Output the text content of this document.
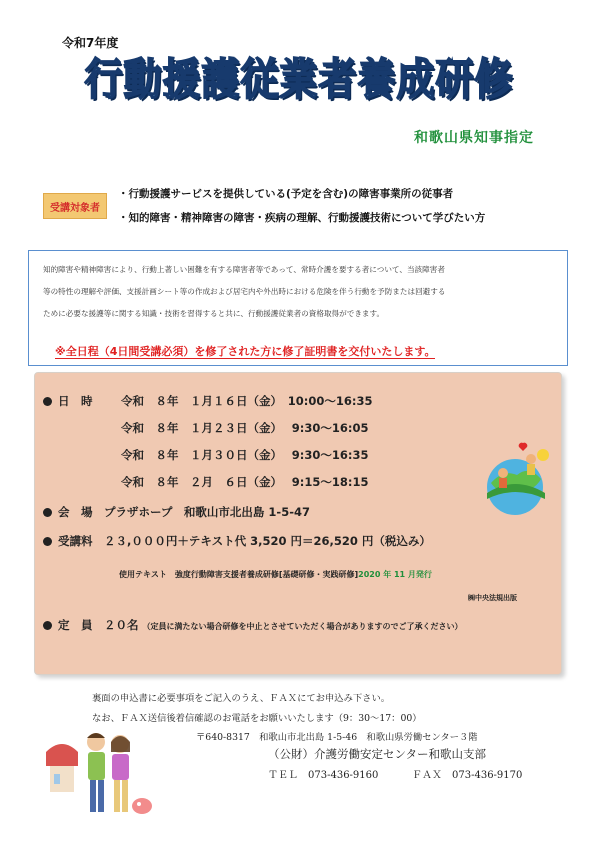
令和7年度
行動援護従業者養成研修
和歌山県知事指定
受講対象者
・行動援護サービスを提供している(予定を含む)の障害事業所の従事者
・知的障害・精神障害の障害・疾病の理解、行動援護技術について学びたい方
知的障害や精神障害により、行動上著しい困難を有する障害者等であって、常時介護を要する者について、当該障害者
等の特性の理解や評価、支援計画シート等の作成および居宅内や外出時における危険を伴う行動を予防または回避する
ために必要な援護等に関する知識・技術を習得すると共に、行動援護従業者の資格取得ができます。
※全日程（4日間受講必須）を修了された方に修了証明書を交付いたします。
日　時 令和　８年　１月１６日（金）　10:00～16:35
令和　８年　１月２３日（金）　 9:30～16:05
令和　８年　１月３０日（金）　 9:30～16:35
令和　８年　２月　６日（金）　 9:15～18:15
会　場　 プラザホープ　和歌山市北出島 1-5-47
受講料　 ２３,０００円＋テキスト代 3,520 円＝26,520 円（税込み）
使用テキスト　強度行動障害支援者養成研修[基礎研修・実践研修]2020 年 11 月発行
㈱中央法規出版
定　員　 ２０名 （定員に満たない場合研修を中止とさせていただく場合がありますのでご了承ください）
裏面の申込書に必要事項をご記入のうえ、ＦＡＸにてお申込み下さい。
なお、ＦＡＸ送信後着信確認のお電話をお願いいたします（9：30～17：00）
〒640-8317　和歌山市北出島 1-5-46　和歌山県労働センター３階
（公財）介護労働安定センター和歌山支部
ＴＥＬ　073-436-9160	ＦＡＸ　073-436-9170
